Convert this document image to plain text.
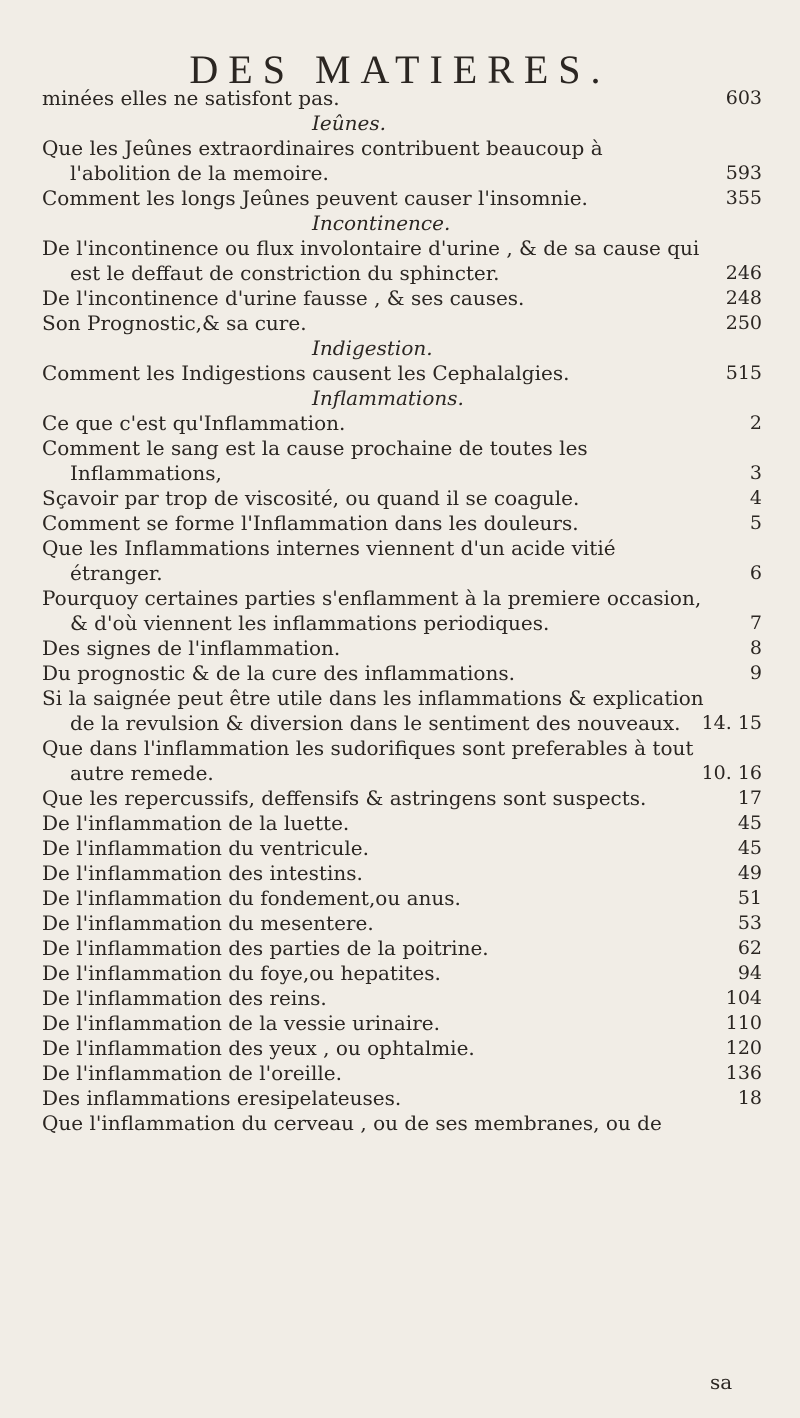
DES MATIERES.
minées elles ne satisfont pas.	603
Ieûnes.
Que les Jeûnes extraordinaires contribuent beaucoup à l'abolition de la memoire.	593
Comment les longs Jeûnes peuvent causer l'insomnie.	355
Incontinence.
De l'incontinence ou flux involontaire d'urine , & de sa cause qui est le deffaut de constriction du sphincter.	246
De l'incontinence d'urine fausse , & ses causes.	248
Son Prognostic,& sa cure.	250
Indigestion.
Comment les Indigestions causent les Cephalalgies.	515
Inflammations.
Ce que c'est qu'Inflammation.	2
Comment le sang est la cause prochaine de toutes les Inflammations,	3
Sçavoir par trop de viscosité, ou quand il se coagule.	4
Comment se forme l'Inflammation dans les douleurs.	5
Que les Inflammations internes viennent d'un acide vitié étranger.	6
Pourquoy certaines parties s'enflamment à la premiere occasion, & d'où viennent les inflammations periodiques.	7
Des signes de l'inflammation.	8
Du prognostic & de la cure des inflammations.	9
Si la saignée peut être utile dans les inflammations & explication de la revulsion & diversion dans le sentiment des nouveaux.	14. 15
Que dans l'inflammation les sudorifiques sont preferables à tout autre remede.	10. 16
Que les repercussifs, deffensifs & astringens sont suspects.	17
De l'inflammation de la luette.	45
De l'inflammation du ventricule.	45
De l'inflammation des intestins.	49
De l'inflammation du fondement,ou anus.	51
De l'inflammation du mesentere.	53
De l'inflammation des parties de la poitrine.	62
De l'inflammation du foye,ou hepatites.	94
De l'inflammation des reins.	104
De l'inflammation de la vessie urinaire.	110
De l'inflammation des yeux , ou ophtalmie.	120
De l'inflammation de l'oreille.	136
Des inflammations eresipelateuses.	18
Que l'inflammation du cerveau , ou de ses membranes, ou de
sa
